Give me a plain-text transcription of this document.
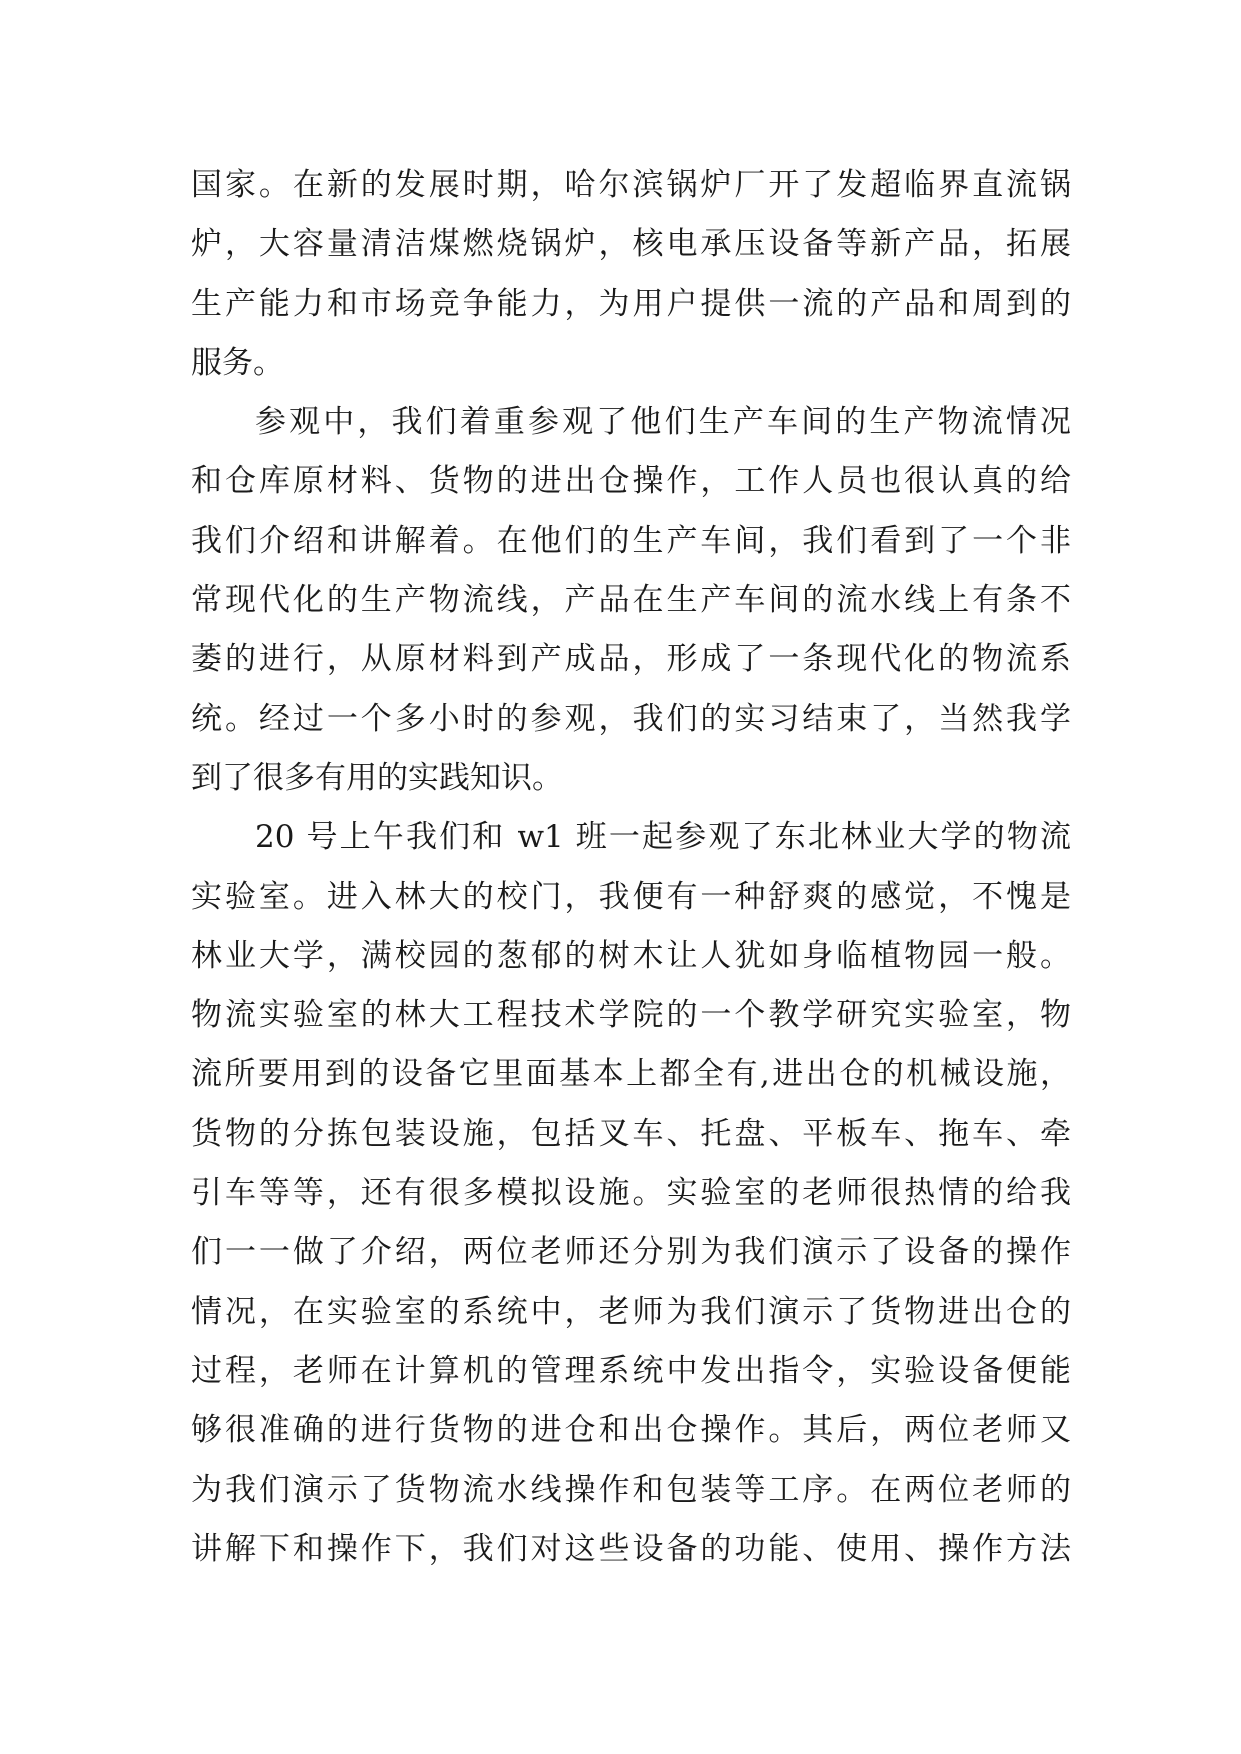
国家。在新的发展时期，哈尔滨锅炉厂开了发超临界直流锅
炉，大容量清洁煤燃烧锅炉，核电承压设备等新产品，拓展
生产能力和市场竞争能力，为用户提供一流的产品和周到的
服务。
参观中，我们着重参观了他们生产车间的生产物流情况
和仓库原材料、货物的进出仓操作，工作人员也很认真的给
我们介绍和讲解着。在他们的生产车间，我们看到了一个非
常现代化的生产物流线，产品在生产车间的流水线上有条不
萎的进行，从原材料到产成品，形成了一条现代化的物流系
统。经过一个多小时的参观，我们的实习结束了，当然我学
到了很多有用的实践知识。
20 号上午我们和 w1 班一起参观了东北林业大学的物流
实验室。进入林大的校门，我便有一种舒爽的感觉，不愧是
林业大学，满校园的葱郁的树木让人犹如身临植物园一般。
物流实验室的林大工程技术学院的一个教学研究实验室，物
流所要用到的设备它里面基本上都全有,进出仓的机械设施，
货物的分拣包装设施，包括叉车、托盘、平板车、拖车、牵
引车等等，还有很多模拟设施。实验室的老师很热情的给我
们一一做了介绍，两位老师还分别为我们演示了设备的操作
情况，在实验室的系统中，老师为我们演示了货物进出仓的
过程，老师在计算机的管理系统中发出指令，实验设备便能
够很准确的进行货物的进仓和出仓操作。其后，两位老师又
为我们演示了货物流水线操作和包装等工序。在两位老师的
讲解下和操作下，我们对这些设备的功能、使用、操作方法
